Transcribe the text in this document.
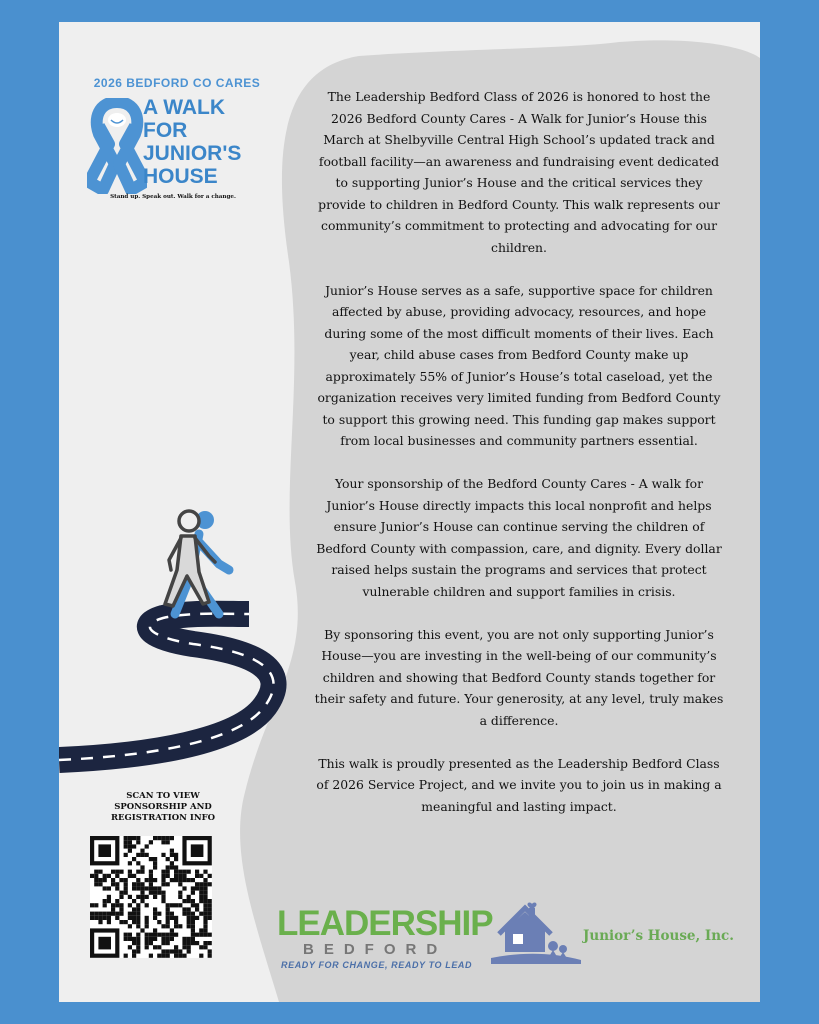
2026 BEDFORD CO CARES
A WALK
FOR
JUNIOR'S
HOUSE
Stand up. Speak out. Walk for a change.

The Leadership Bedford Class of 2026 is honored to host the 2026 Bedford County Cares - A Walk for Junior’s House this March at Shelbyville Central High School’s updated track and football facility—an awareness and fundraising event dedicated to supporting Junior’s House and the critical services they provide to children in Bedford County. This walk represents our community’s commitment to protecting and advocating for our children.

Junior’s House serves as a safe, supportive space for children affected by abuse, providing advocacy, resources, and hope during some of the most difficult moments of their lives. Each year, child abuse cases from Bedford County make up approximately 55% of Junior’s House’s total caseload, yet the organization receives very limited funding from Bedford County to support this growing need. This funding gap makes support from local businesses and community partners essential.

Your sponsorship of the Bedford County Cares - A walk for Junior’s House directly impacts this local nonprofit and helps ensure Junior’s House can continue serving the children of Bedford County with compassion, care, and dignity. Every dollar raised helps sustain the programs and services that protect vulnerable children and support families in crisis.

By sponsoring this event, you are not only supporting Junior’s House—you are investing in the well-being of our community’s children and showing that Bedford County stands together for their safety and future. Your generosity, at any level, truly makes a difference.

This walk is proudly presented as the Leadership Bedford Class of 2026 Service Project, and we invite you to join us in making a meaningful and lasting impact.

SCAN TO VIEW
SPONSORSHIP AND
REGISTRATION INFO
LEADERSHIP
BEDFORD
READY FOR CHANGE, READY TO LEAD
Junior’s House, Inc.
